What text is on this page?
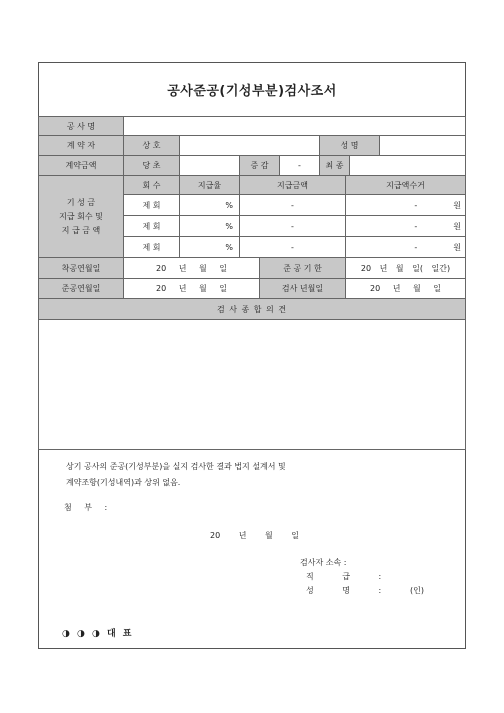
공사준공(기성부분)검사조서
공 사 명
계 약 자	상 호	성 명
계약금액	당 초	증 감	-	최 종
기 성 금
지급 회수 및
지 급 금 액
회 수	지급율	지급금액	지급액수거
제 회	%	-	-	원
제 회	%	-	-	원
제 회	%	-	-	원
착공연월일	20 년 월 일	준 공 기 한	20 년 월 일( 일간)
준공연월일	20 년 월 일	검사 년월일	20 년 월 일
검 사 종 합 의 견
상기 공사의 준공(기성부분)을 실지 검사한 결과 법지 설계서 및
계약조항(기성내역)과 상위 없음.
첨 부 :
20 년 월 일
검사자 소속 :
직 급 :
성 명 :	(인)
◑ ◑ ◑ 대 표
